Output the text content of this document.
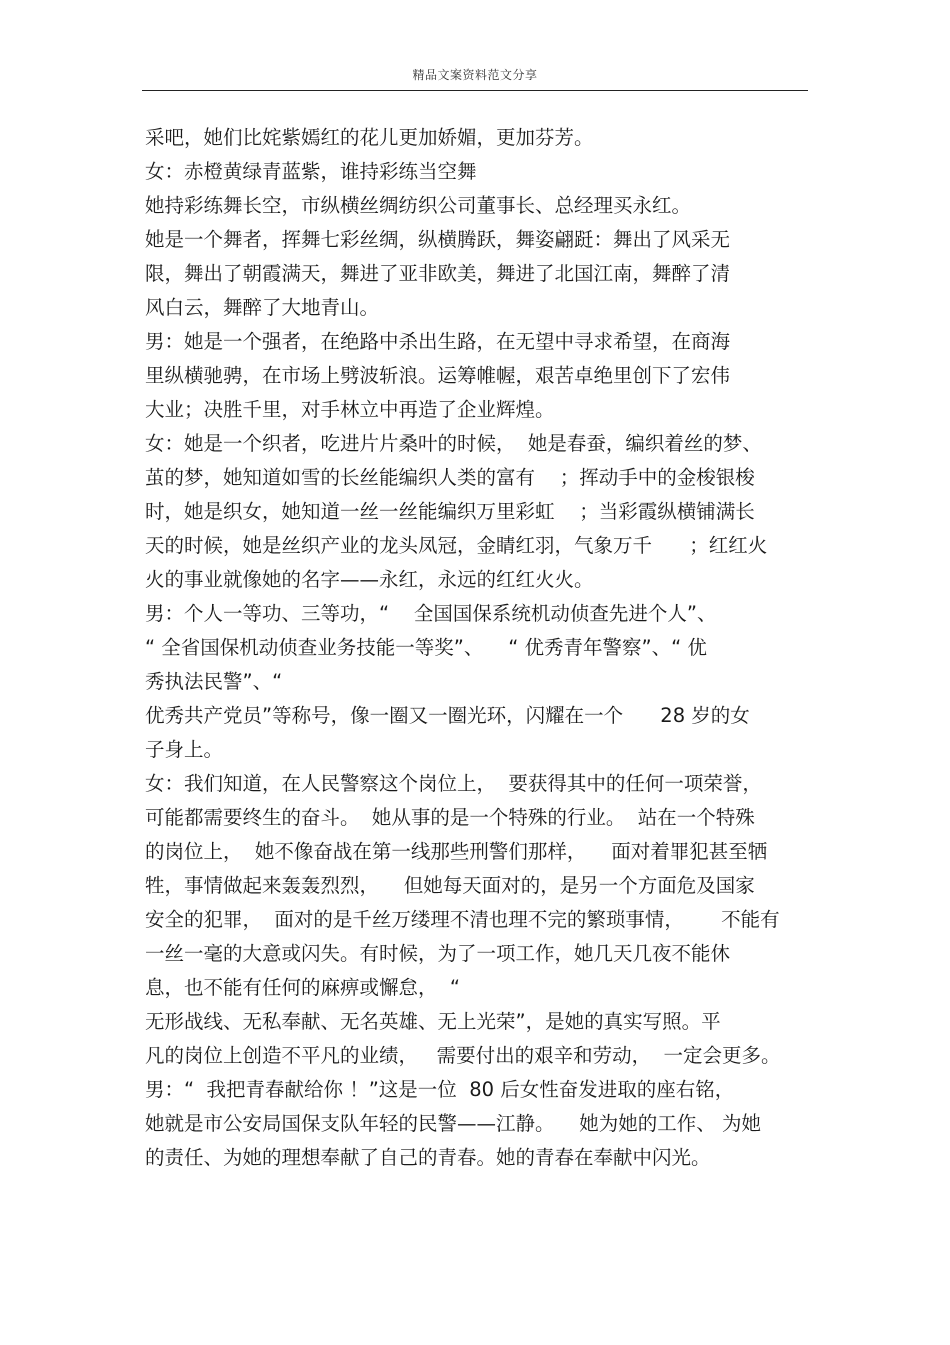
精品文案资料范文分享
采吧，她们比姹紫嫣红的花儿更加娇媚，更加芬芳。
女：赤橙黄绿青蓝紫，谁持彩练当空舞
她持彩练舞长空，市纵横丝绸纺织公司董事长、总经理买永红。
她是一个舞者，挥舞七彩丝绸，纵横腾跃，舞姿翩跹：舞出了风采无
限，舞出了朝霞满天，舞进了亚非欧美，舞进了北国江南，舞醉了清
风白云，舞醉了大地青山。
男：她是一个强者，在绝路中杀出生路，在无望中寻求希望，在商海
里纵横驰骋，在市场上劈波斩浪。运筹帷幄，艰苦卓绝里创下了宏伟
大业；决胜千里，对手林立中再造了企业辉煌。
女：她是一个织者，吃进片片桑叶的时候，  她是春蚕，编织着丝的梦、
茧的梦，她知道如雪的长丝能编织人类的富有    ；挥动手中的金梭银梭
时，她是织女，她知道一丝一丝能编织万里彩虹    ；当彩霞纵横铺满长
天的时候，她是丝织产业的龙头凤冠，金睛红羽，气象万千      ；红红火
火的事业就像她的名字——永红，永远的红红火火。
男：个人一等功、三等功，“    全国国保系统机动侦查先进个人”、
“ 全省国保机动侦查业务技能一等奖”、    “ 优秀青年警察”、“ 优
秀执法民警”、“
优秀共产党员”等称号，像一圈又一圈光环，闪耀在一个      28 岁的女
子身上。
女：我们知道，在人民警察这个岗位上，  要获得其中的任何一项荣誉，
可能都需要终生的奋斗。  她从事的是一个特殊的行业。  站在一个特殊
的岗位上，  她不像奋战在第一线那些刑警们那样，    面对着罪犯甚至牺
牲，事情做起来轰轰烈烈，    但她每天面对的，是另一个方面危及国家
安全的犯罪，  面对的是千丝万缕理不清也理不完的繁琐事情，      不能有
一丝一毫的大意或闪失。有时候，为了一项工作，她几天几夜不能休
息，也不能有任何的麻痹或懈怠，  “
无形战线、无私奉献、无名英雄、无上光荣”，是她的真实写照。平
凡的岗位上创造不平凡的业绩，   需要付出的艰辛和劳动，  一定会更多。
男：“  我把青春献给你 ！”这是一位  80 后女性奋发进取的座右铭，
她就是市公安局国保支队年轻的民警——江静。    她为她的工作、 为她
的责任、为她的理想奉献了自己的青春。她的青春在奉献中闪光。
